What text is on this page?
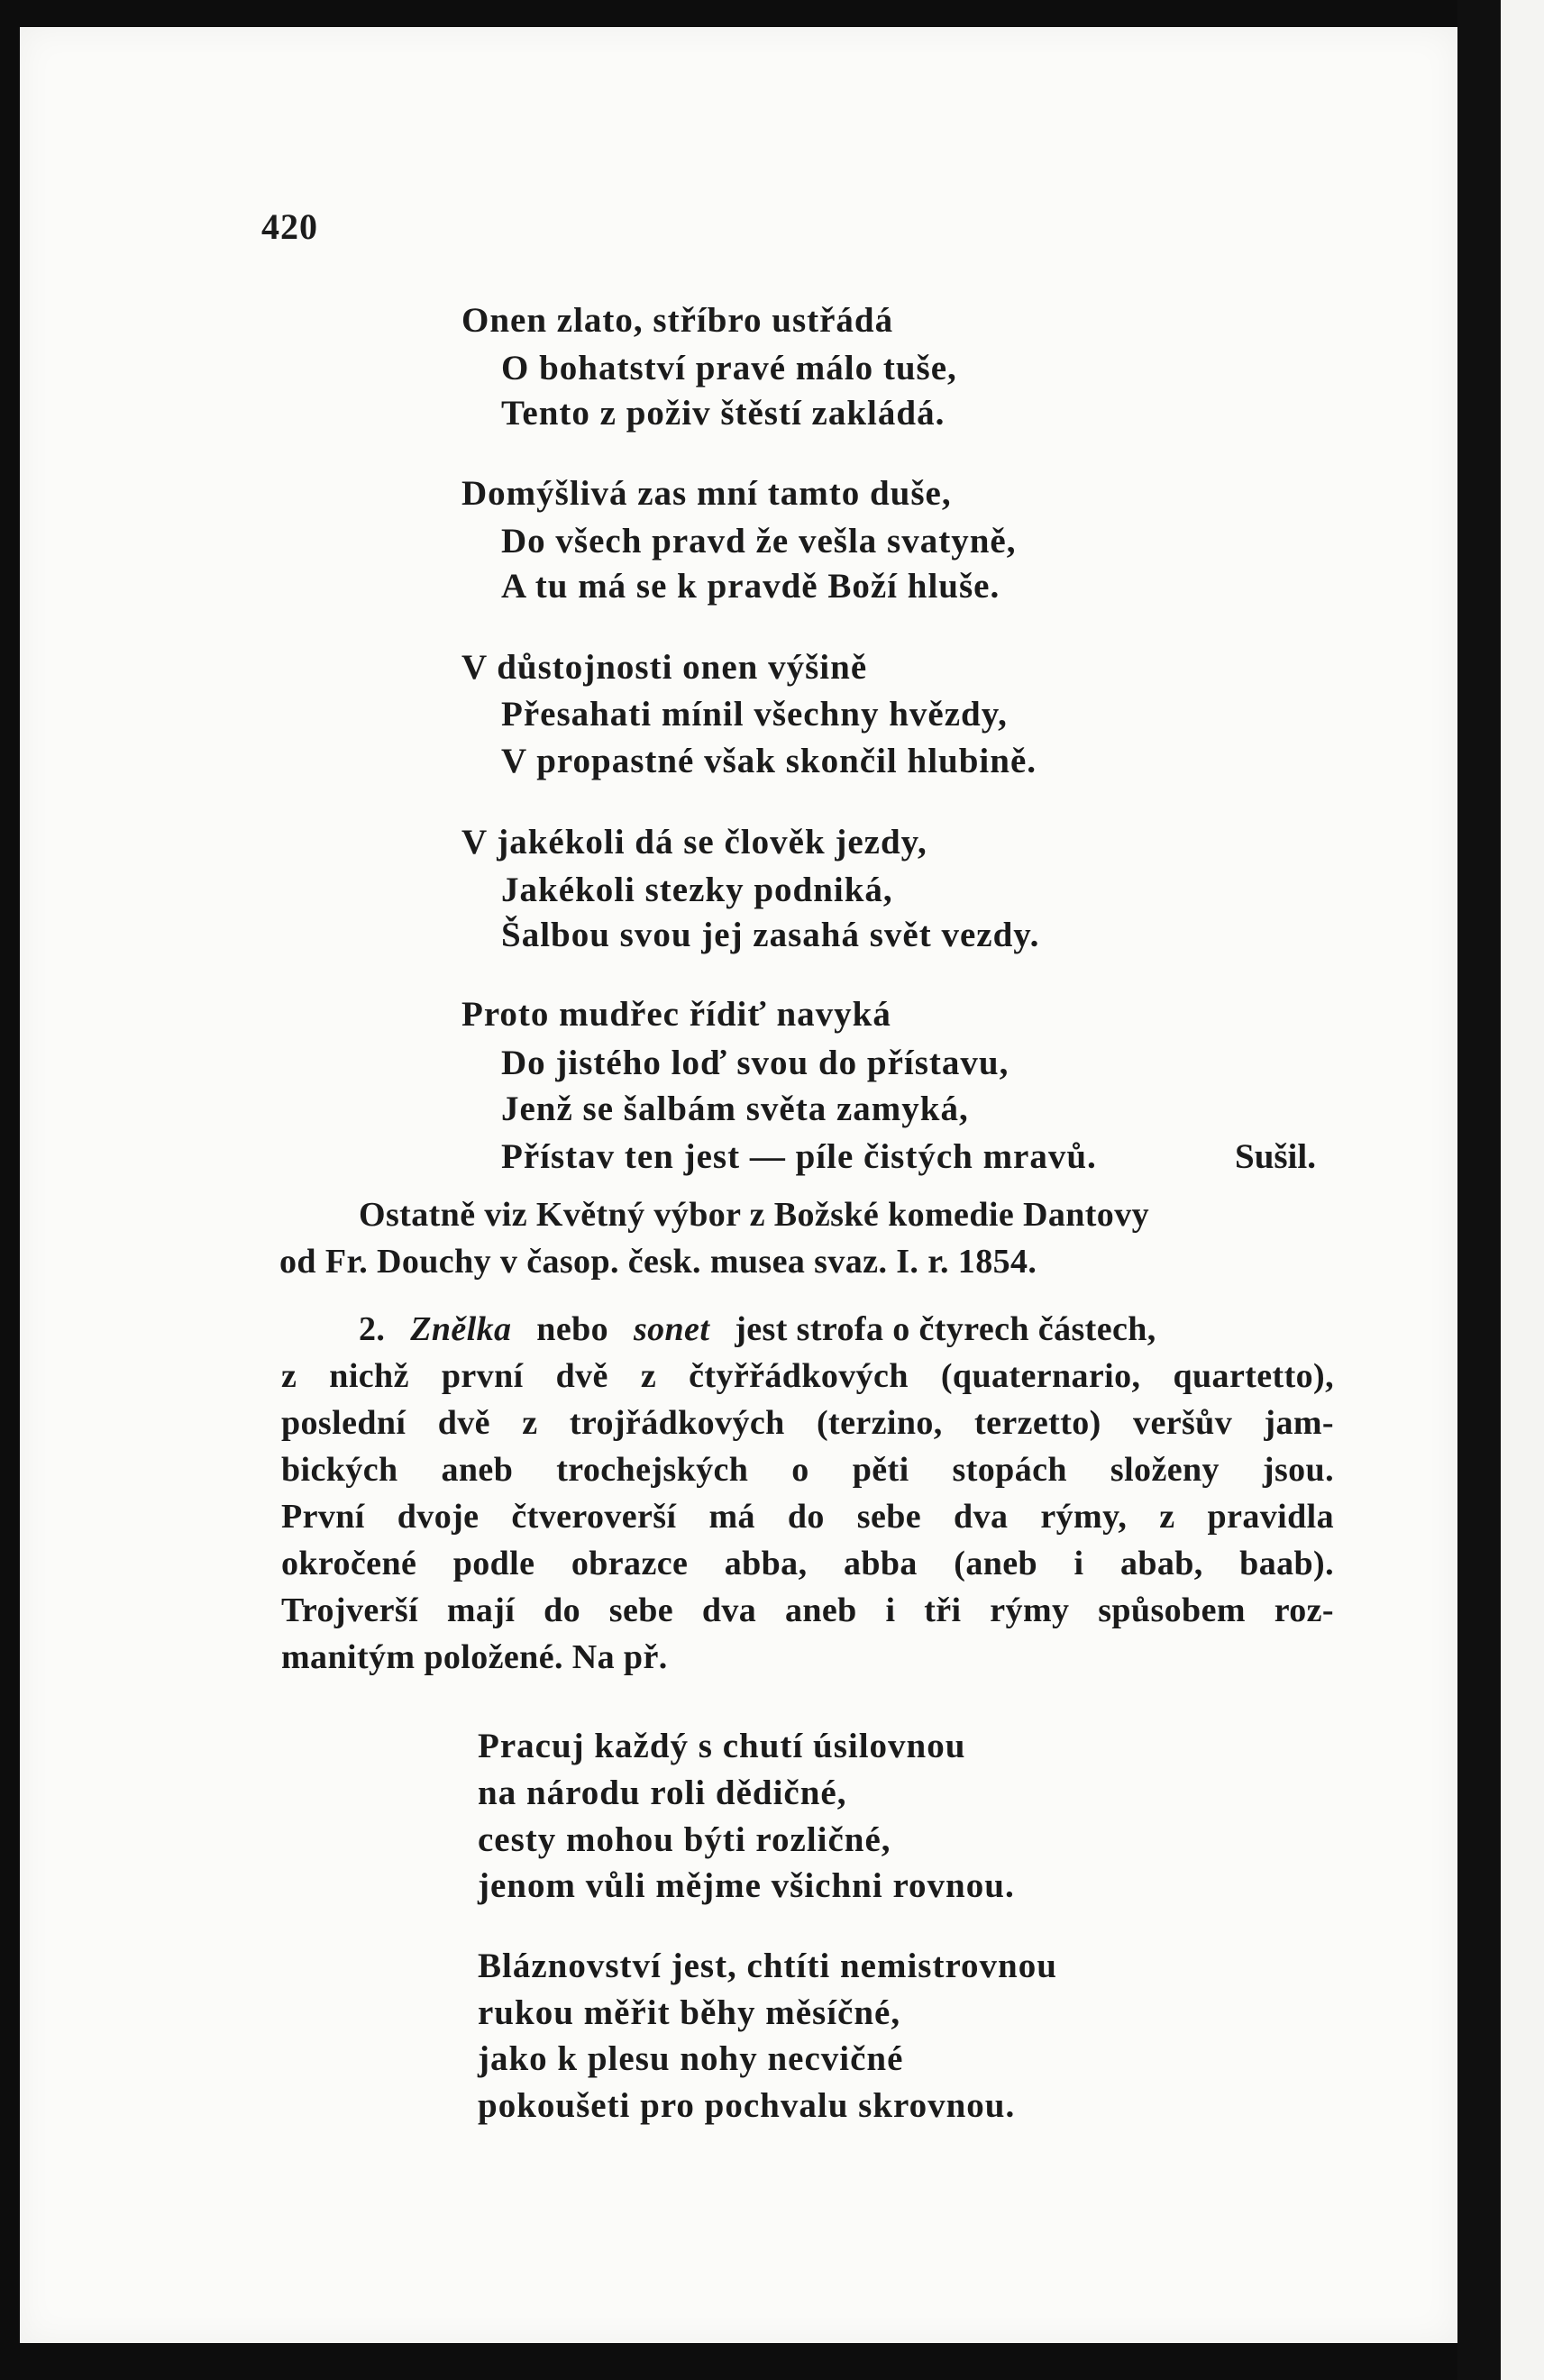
420

Onen zlato, stříbro ustřádá

O bohatství pravé málo tuše,

Tento z poživ štěstí zakládá.

Domýšlivá zas mní tamto duše,

Do všech pravd že vešla svatyně,

A tu má se k pravdě Boží hluše.

V důstojnosti onen výšině

Přesahati mínil všechny hvězdy,

V propastné však skončil hlubině.

V jakékoli dá se člověk jezdy,

Jakékoli stezky podniká,

Šalbou svou jej zasahá svět vezdy.

Proto mudřec řídiť navyká

Do jistého loď svou do přístavu,

Jenž se šalbám světa zamyká,

Přístav ten jest — píle čistých mravů.	Sušil.

Ostatně viz Květný výbor z Božské komedie Dantovy

od Fr. Douchy v časop. česk. musea svaz. I. r. 1854.

2. Znělka nebo sonet jest strofa o čtyrech částech,

z nichž první dvě z čtyřřádkových (quaternario, quartetto),

poslední dvě z trojřádkových (terzino, terzetto) veršův jam-

bických aneb trochejských o pěti stopách složeny jsou.

První dvoje čtveroverší má do sebe dva rýmy, z pravidla

okročené podle obrazce abba, abba (aneb i abab, baab).

Trojverší mají do sebe dva aneb i tři rýmy spůsobem roz-

manitým položené. Na př.

Pracuj každý s chutí úsilovnou

na národu roli dědičné,

cesty mohou býti rozličné,

jenom vůli mějme všichni rovnou.

Bláznovství jest, chtíti nemistrovnou

rukou měřit běhy měsíčné,

jako k plesu nohy necvičné

pokoušeti pro pochvalu skrovnou.
